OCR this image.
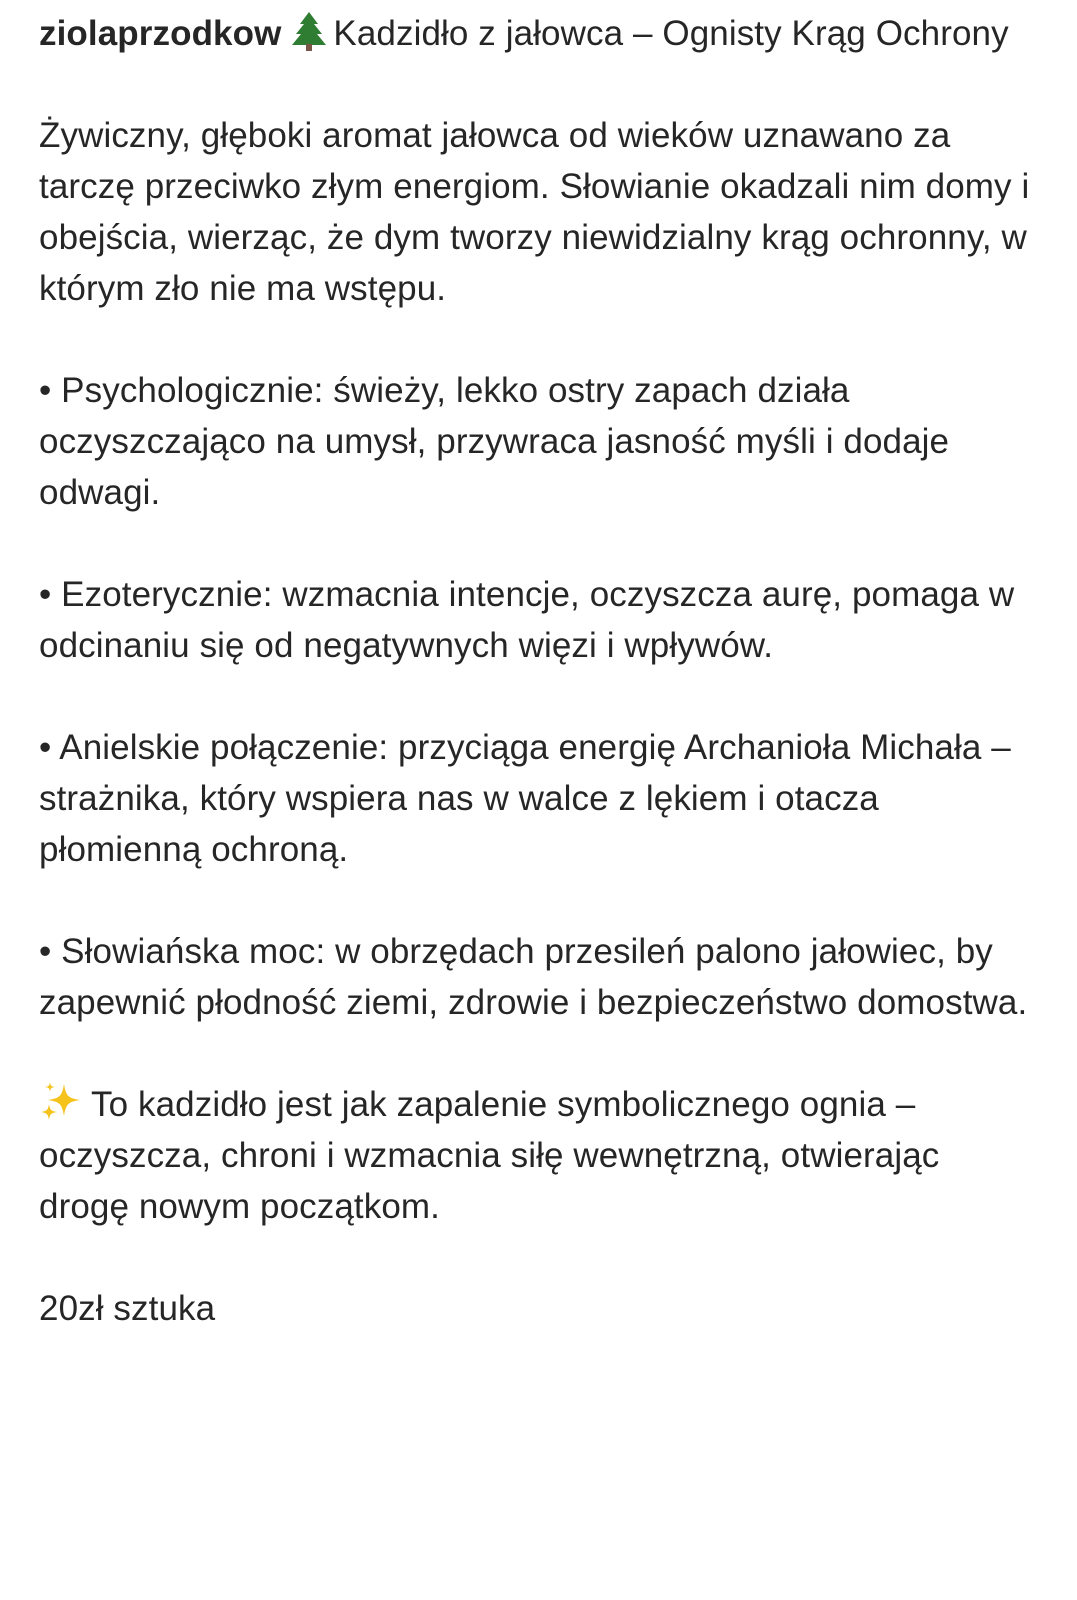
ziolaprzodkow Kadzidło z jałowca – Ognisty Krąg Ochrony

Żywiczny, głęboki aromat jałowca od wieków uznawano za tarczę przeciwko złym energiom. Słowianie okadzali nim domy i obejścia, wierząc, że dym tworzy niewidzialny krąg ochronny, w którym zło nie ma wstępu.

• Psychologicznie: świeży, lekko ostry zapach działa oczyszczająco na umysł, przywraca jasność myśli i dodaje odwagi.

• Ezoterycznie: wzmacnia intencje, oczyszcza aurę, pomaga w odcinaniu się od negatywnych więzi i wpływów.

• Anielskie połączenie: przyciąga energię Archanioła Michała – strażnika, który wspiera nas w walce z lękiem i otacza płomienną ochroną.

• Słowiańska moc: w obrzędach przesileń palono jałowiec, by zapewnić płodność ziemi, zdrowie i bezpieczeństwo domostwa.

To kadzidło jest jak zapalenie symbolicznego ognia – oczyszcza, chroni i wzmacnia siłę wewnętrzną, otwierając drogę nowym początkom.

20zł sztuka
